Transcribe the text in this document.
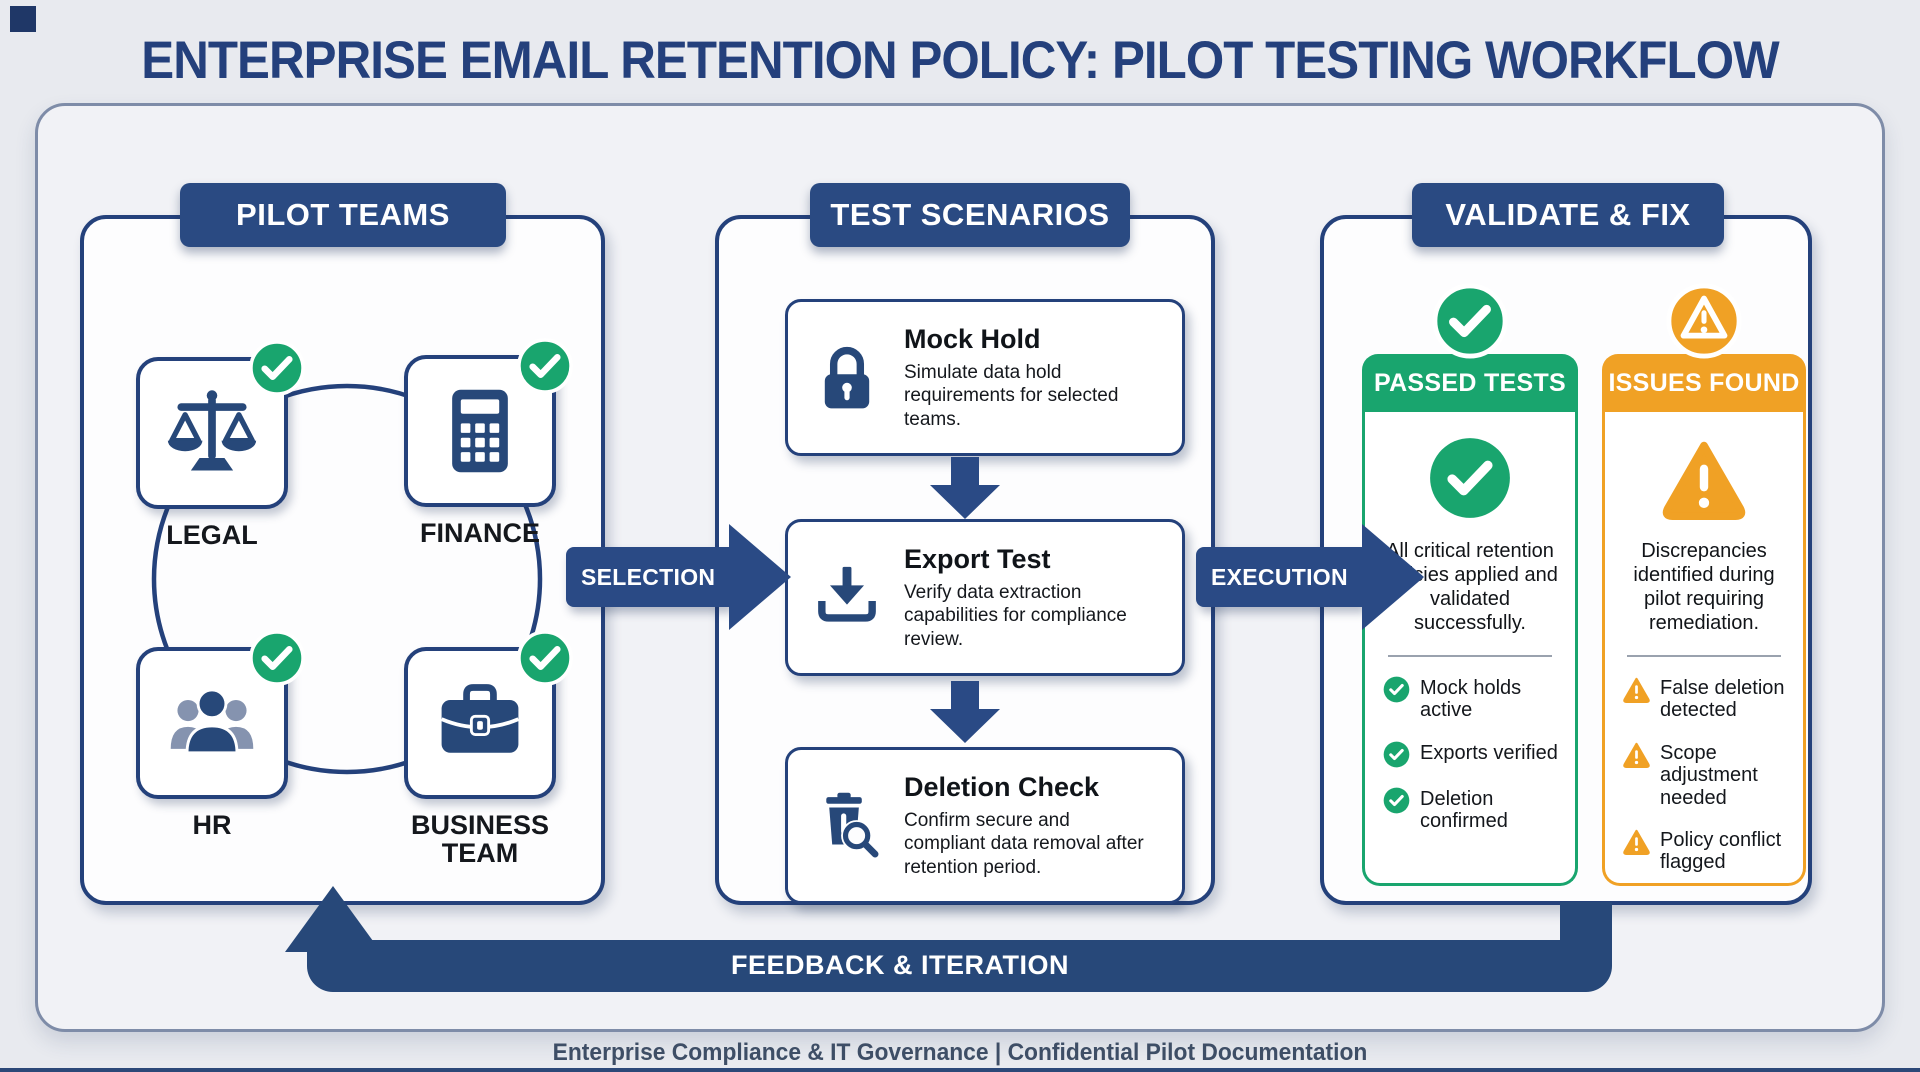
ENTERPRISE EMAIL RETENTION POLICY: PILOT TESTING WORKFLOW
LEGAL	FINANCE
HR	BUSINESS TEAM
PILOT TEAMS
SELECTION
Mock Hold
Simulate data hold requirements for selected teams.
Export Test
Verify data extraction capabilities for compliance review.
Deletion Check
Confirm secure and compliant data removal after retention period.
TEST SCENARIOS
EXECUTION
PASSED TESTS
All critical retention policies applied and validated successfully.
Mock holds active
Exports verified
Deletion confirmed
ISSUES FOUND
Discrepancies identified during pilot requiring remediation.
False deletion detected
Scope adjustment needed
Policy conflict flagged
VALIDATE & FIX
FEEDBACK & ITERATION
Enterprise Compliance & IT Governance | Confidential Pilot Documentation
